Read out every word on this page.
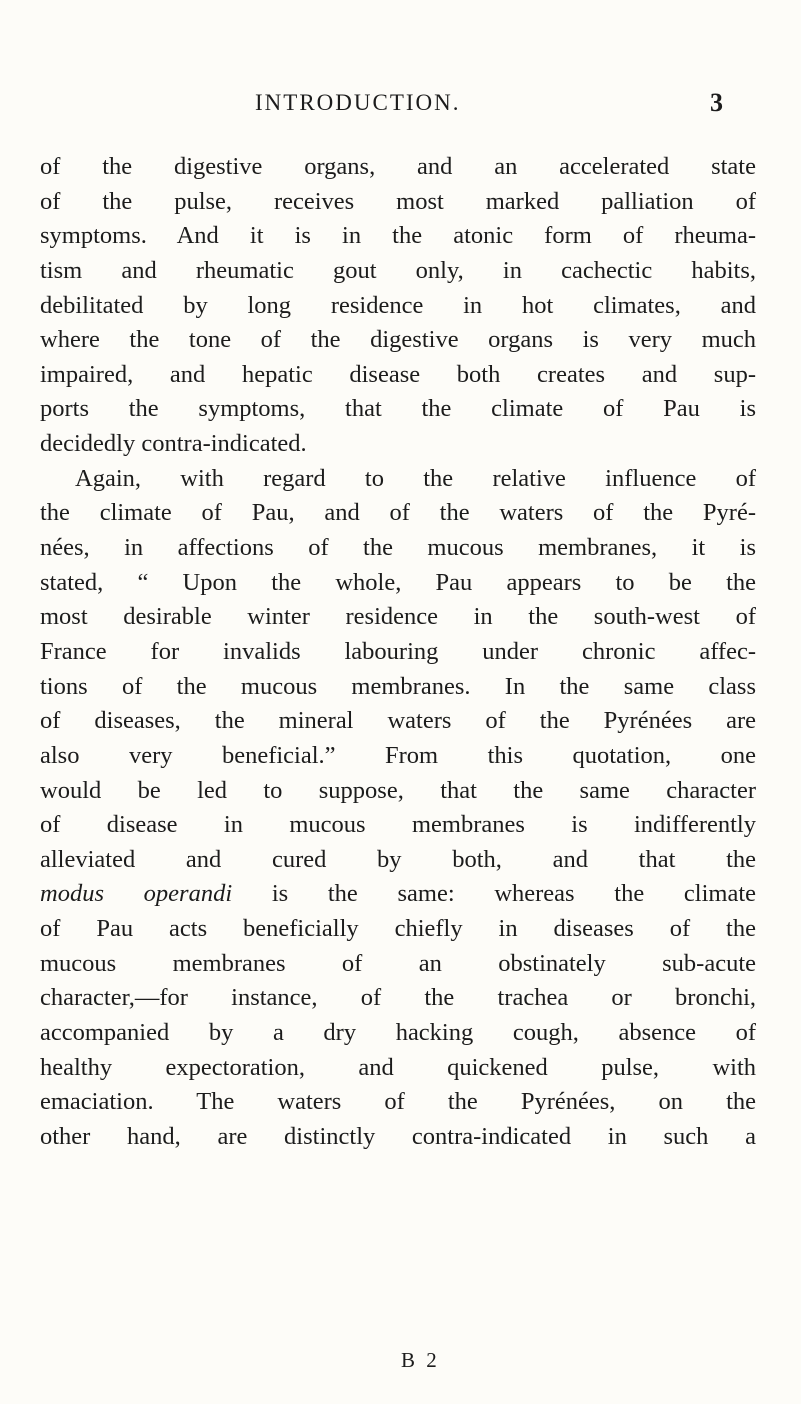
INTRODUCTION.	3
of the digestive organs, and an accelerated state
of the pulse, receives most marked palliation of
symptoms. And it is in the atonic form of rheuma-
tism and rheumatic gout only, in cachectic habits,
debilitated by long residence in hot climates, and
where the tone of the digestive organs is very much
impaired, and hepatic disease both creates and sup-
ports the symptoms, that the climate of Pau is
decidedly contra-indicated.
Again, with regard to the relative influence of
the climate of Pau, and of the waters of the Pyré-
nées, in affections of the mucous membranes, it is
stated, “ Upon the whole, Pau appears to be the
most desirable winter residence in the south-west of
France for invalids labouring under chronic affec-
tions of the mucous membranes. In the same class
of diseases, the mineral waters of the Pyrénées are
also very beneficial.” From this quotation, one
would be led to suppose, that the same character
of disease in mucous membranes is indifferently
alleviated and cured by both, and that the
modus operandi is the same: whereas the climate
of Pau acts beneficially chiefly in diseases of the
mucous membranes of an obstinately sub-acute
character,—for instance, of the trachea or bronchi,
accompanied by a dry hacking cough, absence of
healthy expectoration, and quickened pulse, with
emaciation. The waters of the Pyrénées, on the
other hand, are distinctly contra-indicated in such a
B 2
